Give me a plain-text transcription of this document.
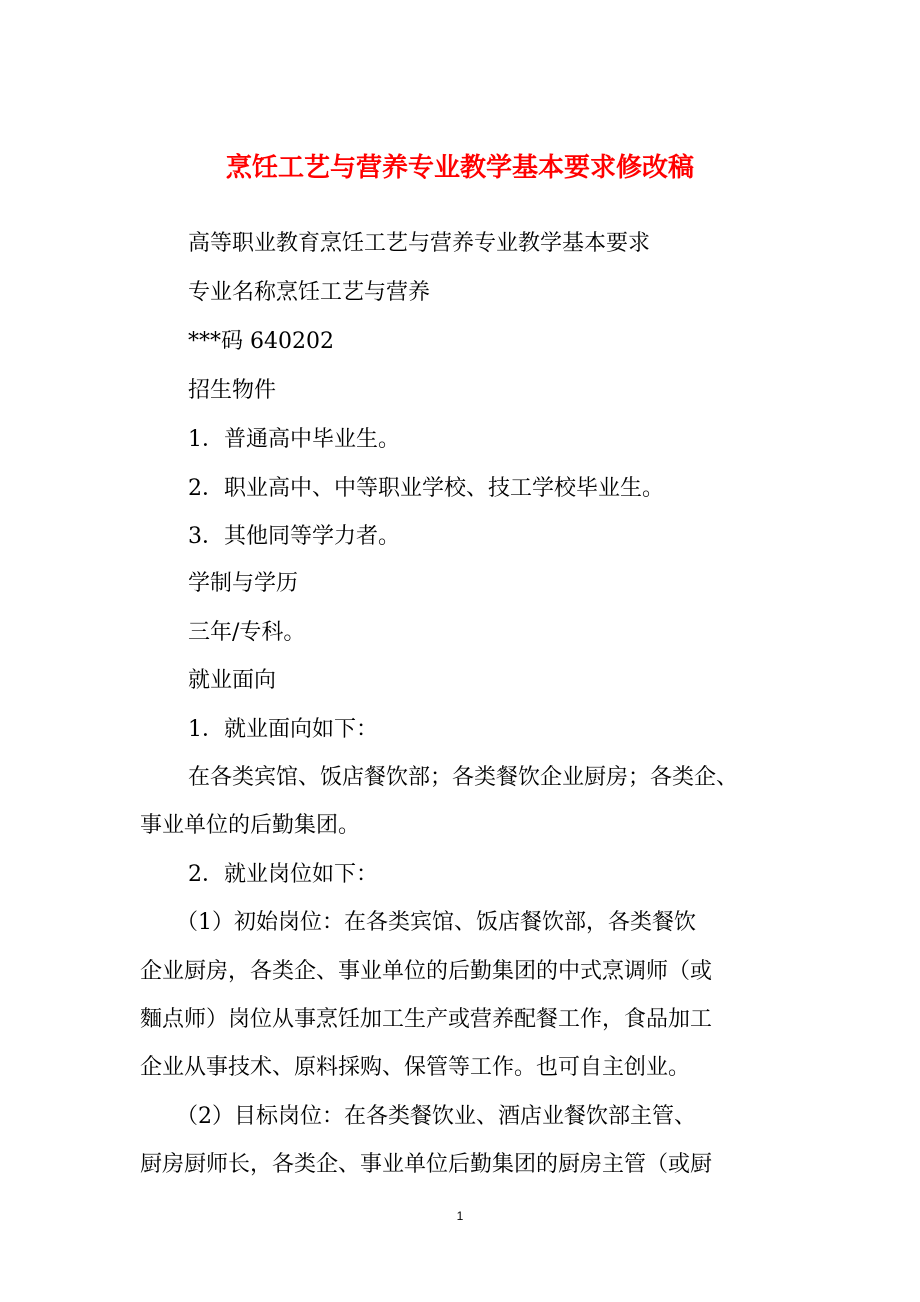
烹饪工艺与营养专业教学基本要求修改稿

高等职业教育烹饪工艺与营养专业教学基本要求

专业名称烹饪工艺与营养

***码 640202

招生物件

1．普通高中毕业生。

2．职业高中、中等职业学校、技工学校毕业生。

3．其他同等学力者。

学制与学历

三年/专科。

就业面向

1．就业面向如下：

在各类宾馆、饭店餐饮部；各类餐饮企业厨房；各类企、

事业单位的后勤集团。

2．就业岗位如下：

（1）初始岗位：在各类宾馆、饭店餐饮部，各类餐饮

企业厨房，各类企、事业单位的后勤集团的中式烹调师（或

麵点师）岗位从事烹饪加工生产或营养配餐工作，食品加工

企业从事技术、原料採购、保管等工作。也可自主创业。

（2）目标岗位：在各类餐饮业、酒店业餐饮部主管、

厨房厨师长，各类企、事业单位后勤集团的厨房主管（或厨

1
